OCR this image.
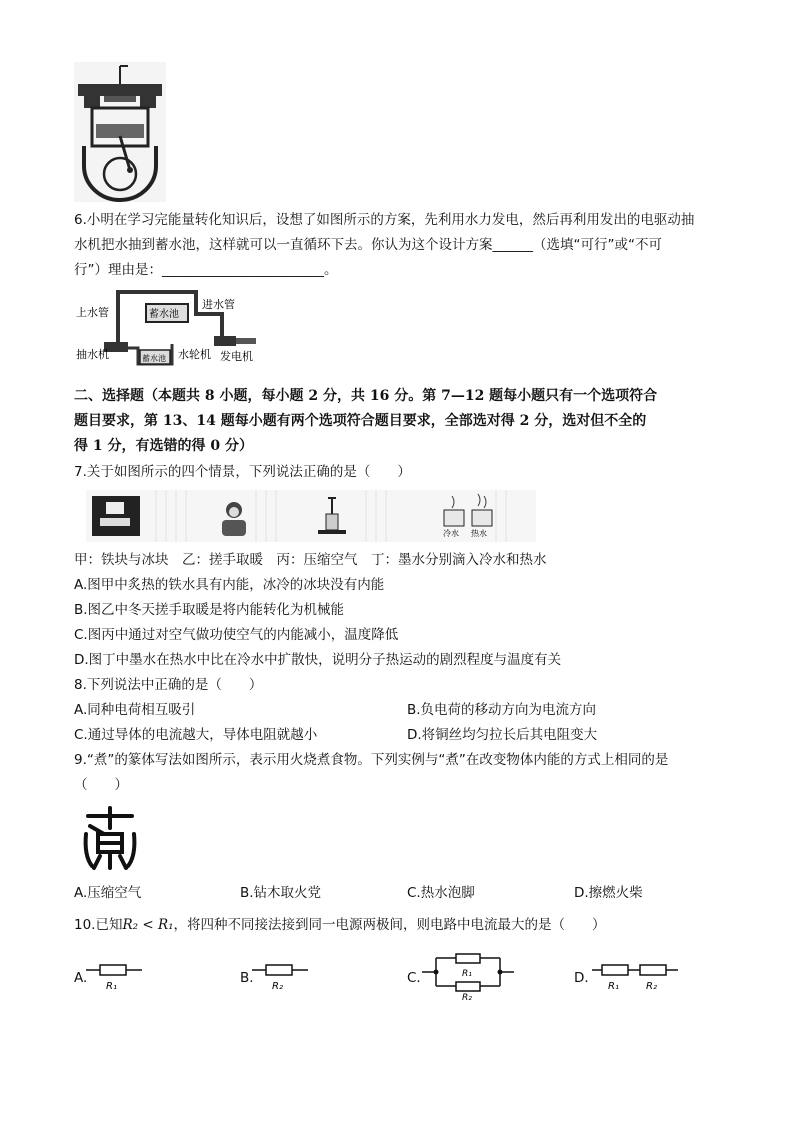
6.小明在学习完能量转化知识后，设想了如图所示的方案，先利用水力发电，然后再利用发出的电驱动抽
水机把水抽到蓄水池，这样就可以一直循环下去。你认为这个设计方案______（选填“可行”或“不可
行”）理由是：________________________。
蓄水池
上水管
进水管
蓄水池
抽水机	水轮机 发电机
二、选择题（本题共 8 小题，每小题 2 分，共 16 分。第 7—12 题每小题只有一个选项符合
题目要求，第 13、14 题每小题有两个选项符合题目要求，全部选对得 2 分，选对但不全的
得 1 分，有选错的得 0 分）
7.关于如图所示的四个情景，下列说法正确的是（　　）
冷水 热水
甲：铁块与冰块　乙：搓手取暖　丙：压缩空气　丁：墨水分别滴入冷水和热水
A.图甲中炙热的铁水具有内能，冰冷的冰块没有内能
B.图乙中冬天搓手取暖是将内能转化为机械能
C.图丙中通过对空气做功使空气的内能减小，温度降低
D.图丁中墨水在热水中比在冷水中扩散快，说明分子热运动的剧烈程度与温度有关
8.下列说法中正确的是（　　）
A.同种电荷相互吸引	B.负电荷的移动方向为电流方向
C.通过导体的电流越大，导体电阻就越小	D.将铜丝均匀拉长后其电阻变大
9.“煮”的篆体写法如图所示，表示用火烧煮食物。下列实例与“煮”在改变物体内能的方式上相同的是
（　　）
A.压缩空气	B.钻木取火党	C.热水泡脚	D.擦燃火柴
10.已知R₂ < R₁，将四种不同接法接到同一电源两极间，则电路中电流最大的是（　　）
A.
R₁
B.
R₂
C.	R₁
R₂
D.
R₁	R₂
